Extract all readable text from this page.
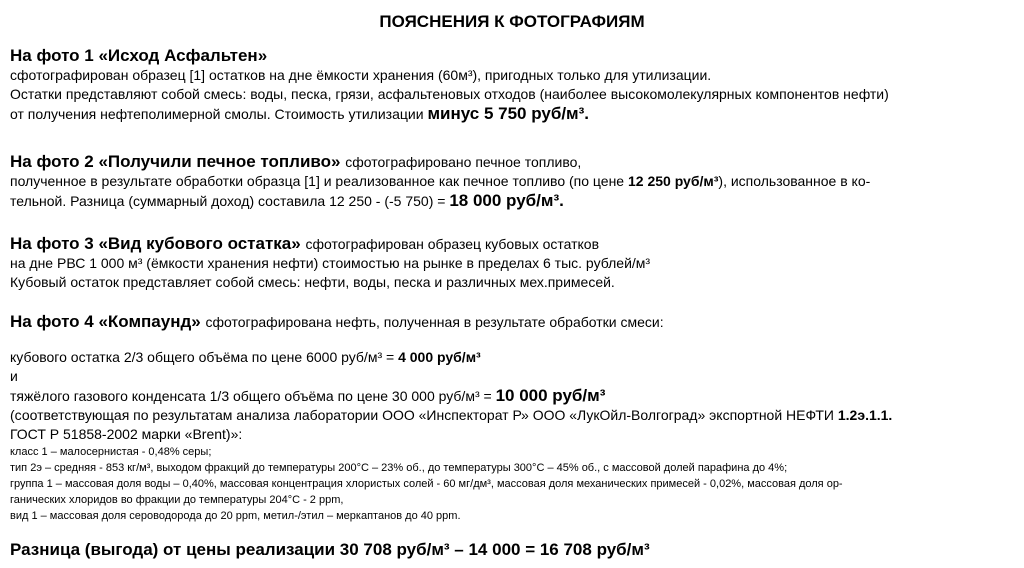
ПОЯСНЕНИЯ К ФОТОГРАФИЯМ
На фото 1 «Исход Асфальтен»
сфотографирован образец [1] остатков на дне ёмкости хранения (60м³), пригодных только для утилизации.
Остатки представляют собой смесь: воды, песка, грязи, асфальтеновых отходов (наиболее высокомолекулярных компонентов нефти)
от получения нефтеполимерной смолы. Стоимость утилизации минус 5 750 руб/м³.
На фото 2 «Получили печное топливо» сфотографировано печное топливо,
полученное в результате обработки образца [1] и реализованное как печное топливо (по цене 12 250 руб/м³), использованное в ко-
тельной. Разница (суммарный доход) составила 12 250 - (-5 750) = 18 000 руб/м³.
На фото 3 «Вид кубового остатка» сфотографирован образец кубовых остатков
на дне РВС 1 000 м³ (ёмкости хранения нефти) стоимостью на рынке в пределах 6 тыс. рублей/м³
Кубовый остаток представляет собой смесь: нефти, воды, песка и различных мех.примесей.
На фото 4 «Компаунд» сфотографирована нефть, полученная в результате обработки смеси:
кубового остатка 2/3 общего объёма по цене 6000 руб/м³ = 4 000 руб/м³
и
тяжёлого газового конденсата 1/3 общего объёма по цене 30 000 руб/м³ = 10 000 руб/м³
(соответствующая по результатам анализа лаборатории ООО «Инспекторат Р» ООО «ЛукОйл-Волгоград» экспортной НЕФТИ 1.2э.1.1.
ГОСТ Р 51858-2002 марки «Brent)»:
класс 1 – малосернистая - 0,48% серы;
тип 2э – средняя - 853 кг/м³, выходом фракций до температуры 200°С – 23% об., до температуры 300°С – 45% об., с массовой долей парафина до 4%;
группа 1 – массовая доля воды – 0,40%, массовая концентрация хлористых солей - 60 мг/дм³, массовая доля механических примесей - 0,02%, массовая доля ор-
ганических хлоридов во фракции до температуры 204°С - 2 ppm,
вид 1 – массовая доля сероводорода до 20 ppm, метил-/этил – меркаптанов до 40 ppm.
Разница (выгода) от цены реализации 30 708 руб/м³ – 14 000 = 16 708 руб/м³
